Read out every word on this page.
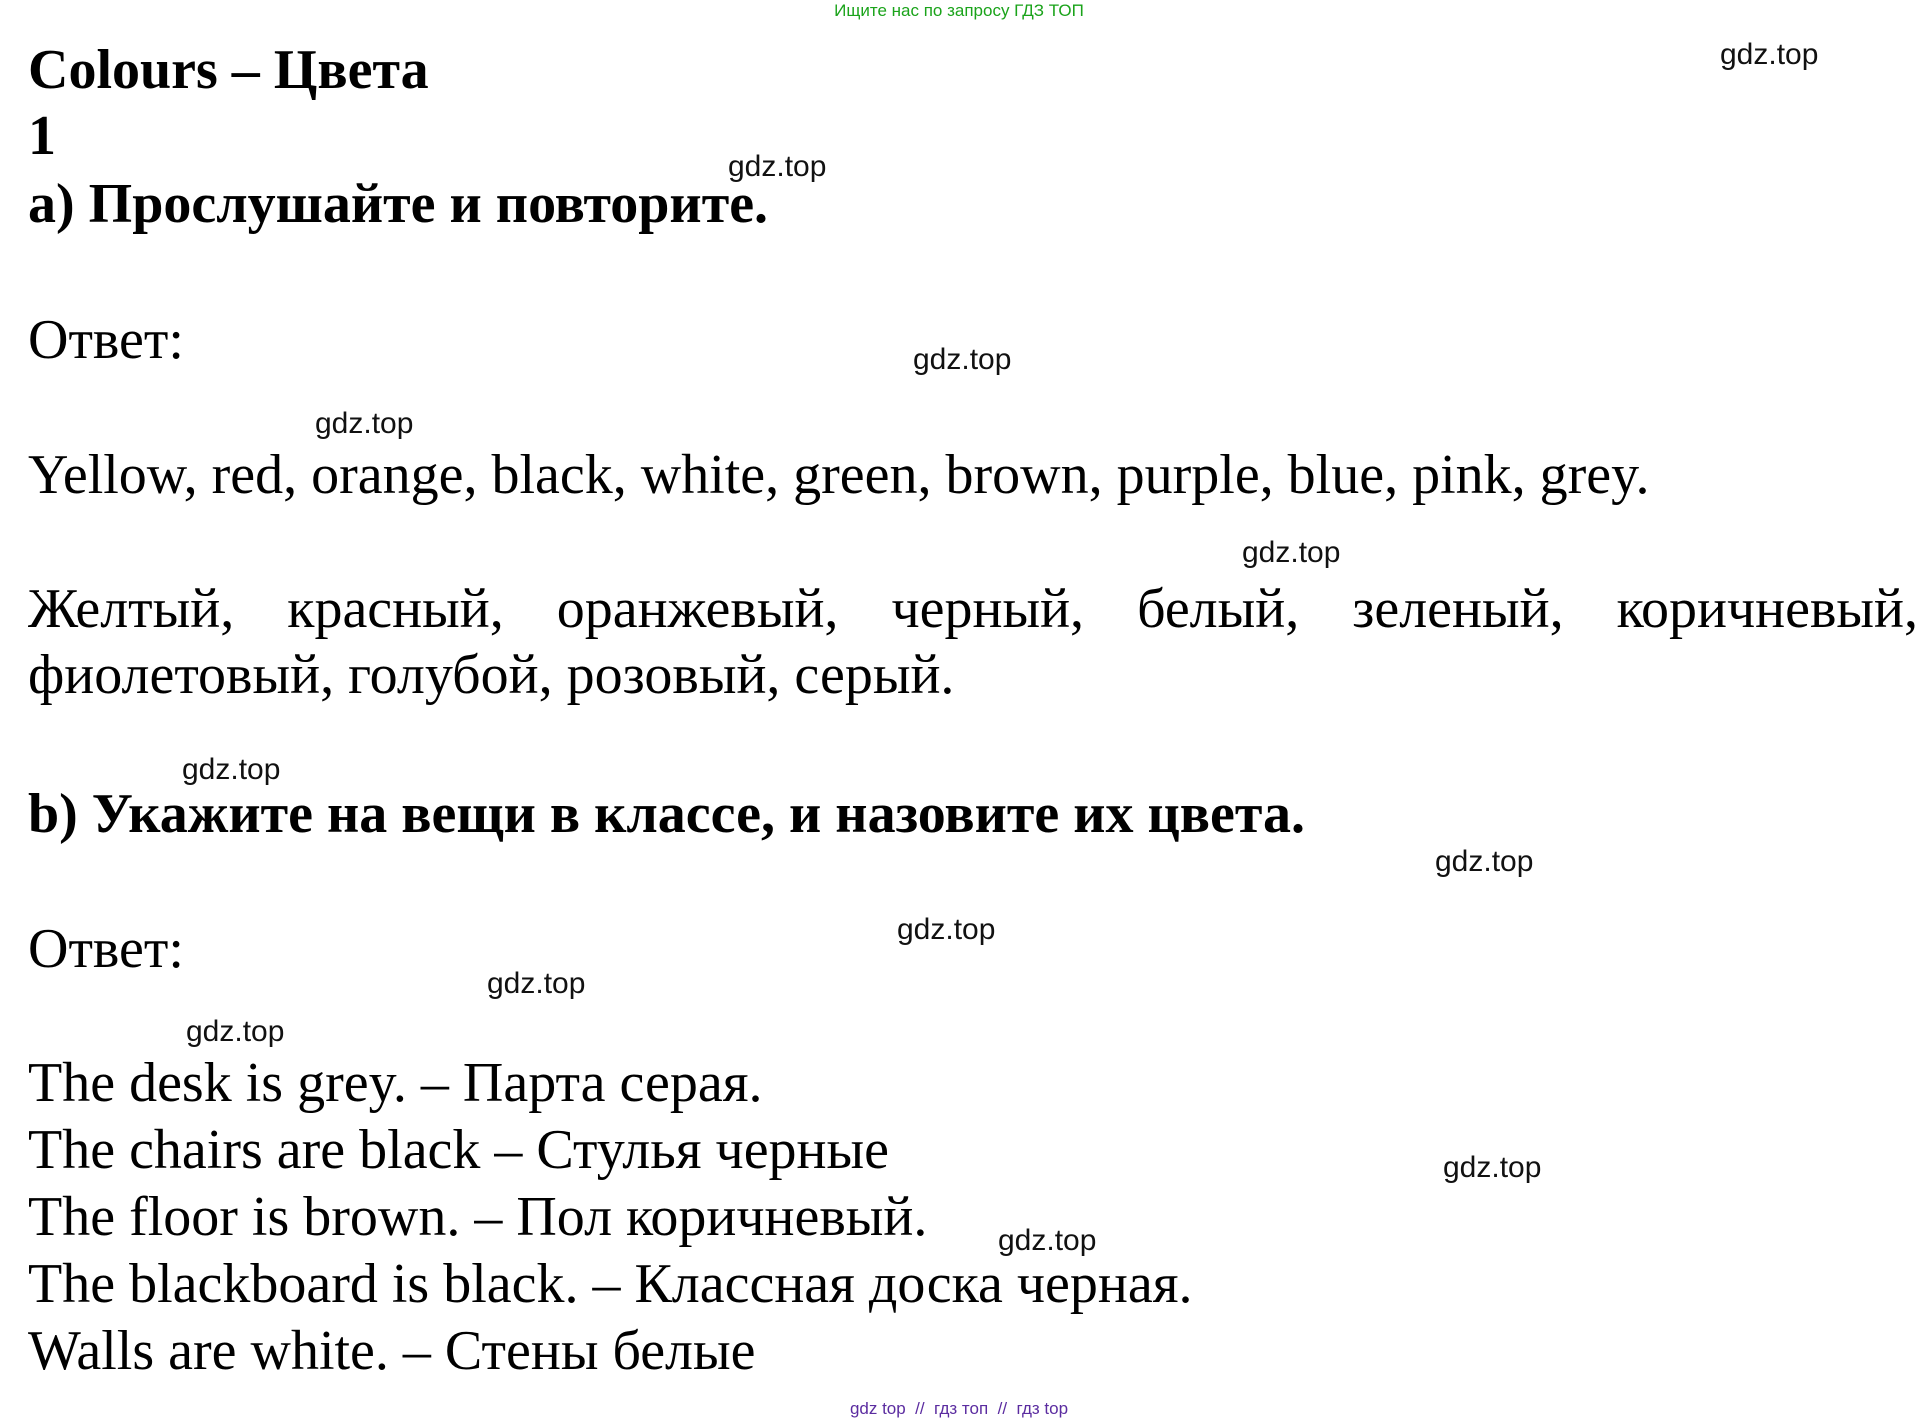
Ищите нас по запросу ГДЗ ТОП
Colours – Цвета
1
a) Прослушайте и повторите.
Ответ:
Yellow, red, orange, black, white, green, brown, purple, blue, pink, grey.
Желтый, красный, оранжевый, черный, белый, зеленый, коричневый,
фиолетовый, голубой, розовый, серый.
b) Укажите на вещи в классе, и назовите их цвета.
Ответ:
The desk is grey. – Парта серая.
The chairs are black – Стулья черные
The floor is brown. – Пол коричневый.
The blackboard is black. – Классная доска черная.
Walls are white. – Стены белые
gdz.top
gdz.top
gdz.top
gdz.top
gdz.top
gdz.top
gdz.top
gdz.top
gdz.top
gdz.top
gdz.top
gdz.top
gdz top  //  гдз топ  //  гдз top
